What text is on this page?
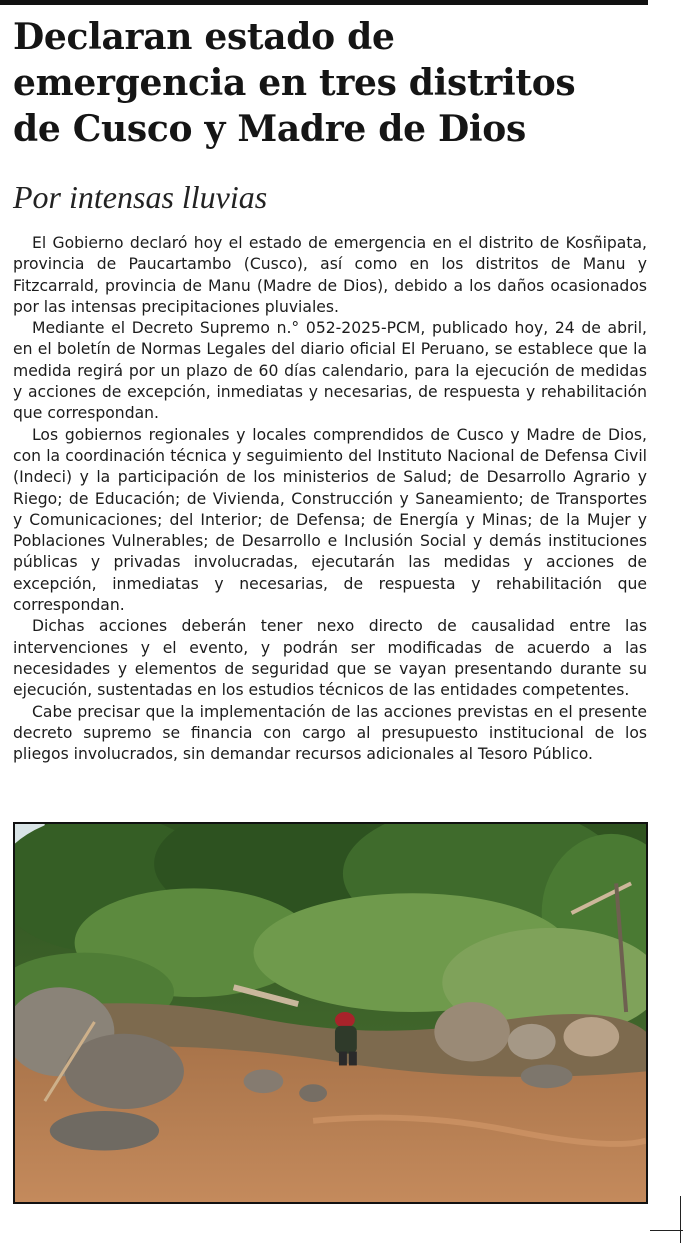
Declaran estado de
emergencia en tres distritos
de Cusco y Madre de Dios
Por intensas lluvias

El Gobierno declaró hoy el estado de emergencia en el distrito de Kosñipata, provincia de Paucartambo (Cusco), así como en los distritos de Manu y Fitzcarrald, provincia de Manu (Madre de Dios), debido a los daños ocasionados por las intensas precipitaciones pluviales.

Mediante el Decreto Supremo n.° 052-2025-PCM, publicado hoy, 24 de abril, en el boletín de Normas Legales del diario oficial El Peruano, se establece que la medida regirá por un plazo de 60 días calendario, para la ejecución de medidas y acciones de excepción, inmediatas y necesarias, de respuesta y rehabilitación que correspondan.

Los gobiernos regionales y locales comprendidos de Cusco y Madre de Dios, con la coordinación técnica y seguimiento del Instituto Nacional de Defensa Civil (Indeci) y la participación de los ministerios de Salud; de Desarrollo Agrario y Riego; de Educación; de Vivienda, Construcción y Saneamiento; de Transportes y Comunicaciones; del Interior; de Defensa; de Energía y Minas; de la Mujer y Poblaciones Vulnerables; de Desarrollo e Inclusión Social y demás instituciones públicas y privadas involucradas, ejecutarán las medidas y acciones de excepción, inmediatas y necesarias, de respuesta y rehabilitación que correspondan.

Dichas acciones deberán tener nexo directo de causalidad entre las intervenciones y el evento, y podrán ser modificadas de acuerdo a las necesidades y elementos de seguridad que se vayan presentando durante su ejecución, sustentadas en los estudios técnicos de las entidades competentes.

Cabe precisar que la implementación de las acciones previstas en el presente decreto supremo se financia con cargo al presupuesto institucional de los pliegos involucrados, sin demandar recursos adicionales al Tesoro Público.
